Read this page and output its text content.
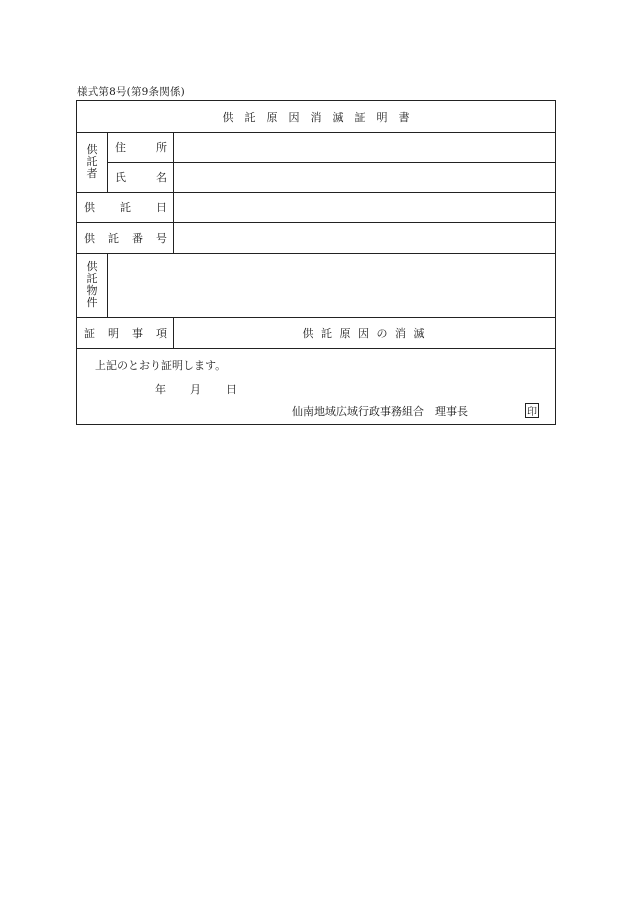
様式第8号(第9条関係)
供託原因消滅証明書
供
託
者
住	所
氏	名
供 託 日
供 託 番 号
供
託
物
件
証 明 事 項	供 託 原 因 の 消 滅
上記のとおり証明します。
年 月 日
仙南地域広域行政事務組合　理事長	印
